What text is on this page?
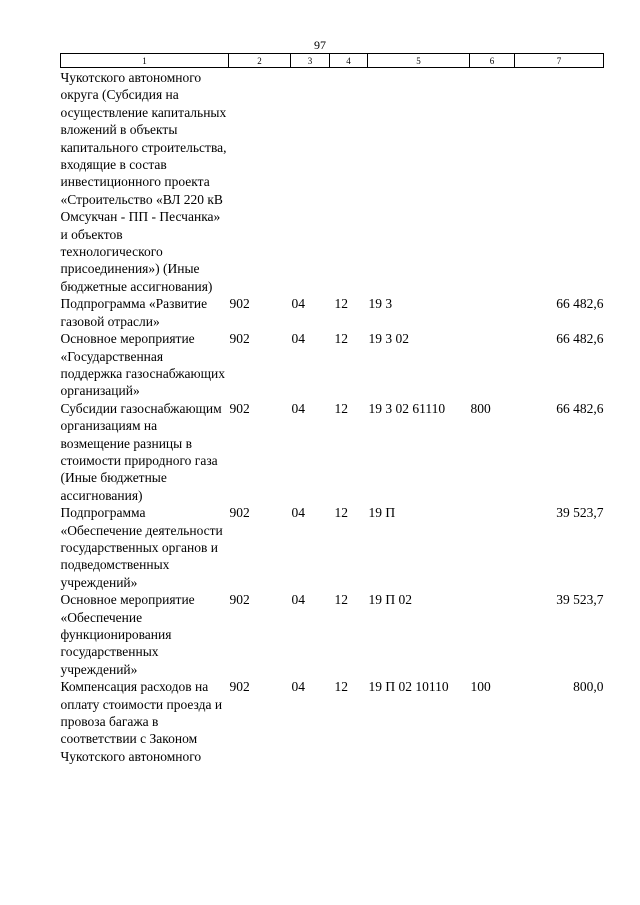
97
1	2	3	4	5	6	7
Чукотского автономного округа (Субсидия на осуществление капитальных вложений в объекты капитального строительства, входящие в состав инвестиционного проекта «Строительство «ВЛ 220 кВ Омсукчан - ПП - Песчанка» и объектов технологического присоединения») (Иные бюджетные ассигнования)						
Подпрограмма «Развитие газовой отрасли»	902	04	12	19 3		66 482,6
Основное мероприятие «Государственная поддержка газоснабжающих организаций»	902	04	12	19 3 02		66 482,6
Субсидии газоснабжающим организациям на возмещение разницы в стоимости природного газа (Иные бюджетные ассигнования)	902	04	12	19 3 02 61110	800	66 482,6
Подпрограмма «Обеспечение деятельности государственных органов и подведомственных учреждений»	902	04	12	19 П		39 523,7
Основное мероприятие «Обеспечение функционирования государственных учреждений»	902	04	12	19 П 02		39 523,7
Компенсация расходов на оплату стоимости проезда и провоза багажа в соответствии с Законом Чукотского автономного	902	04	12	19 П 02 10110	100	800,0
